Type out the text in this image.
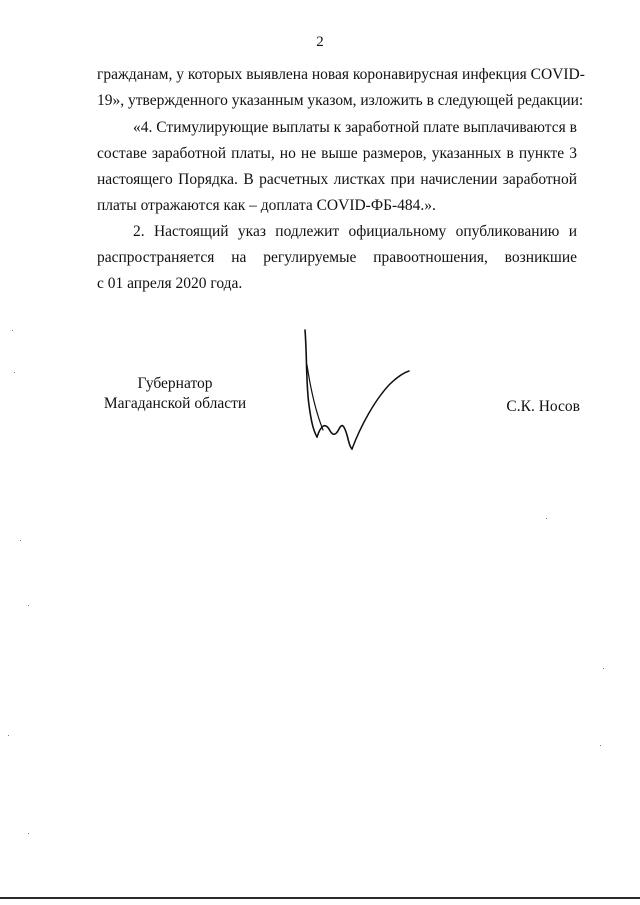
2
гражданам, у которых выявлена новая коронавирусная инфекция COVID-
19», утвержденного указанным указом, изложить в следующей редакции:
«4. Стимулирующие выплаты к заработной плате выплачиваются в
составе заработной платы, но не выше размеров, указанных в пункте 3
настоящего Порядка. В расчетных листках при начислении заработной
платы отражаются как – доплата COVID-ФБ-484.».
2. Настоящий указ подлежит официальному опубликованию и
распространяется на регулируемые правоотношения, возникшие
с 01 апреля 2020 года.
Губернатор
Магаданской области	С.К. Носов
